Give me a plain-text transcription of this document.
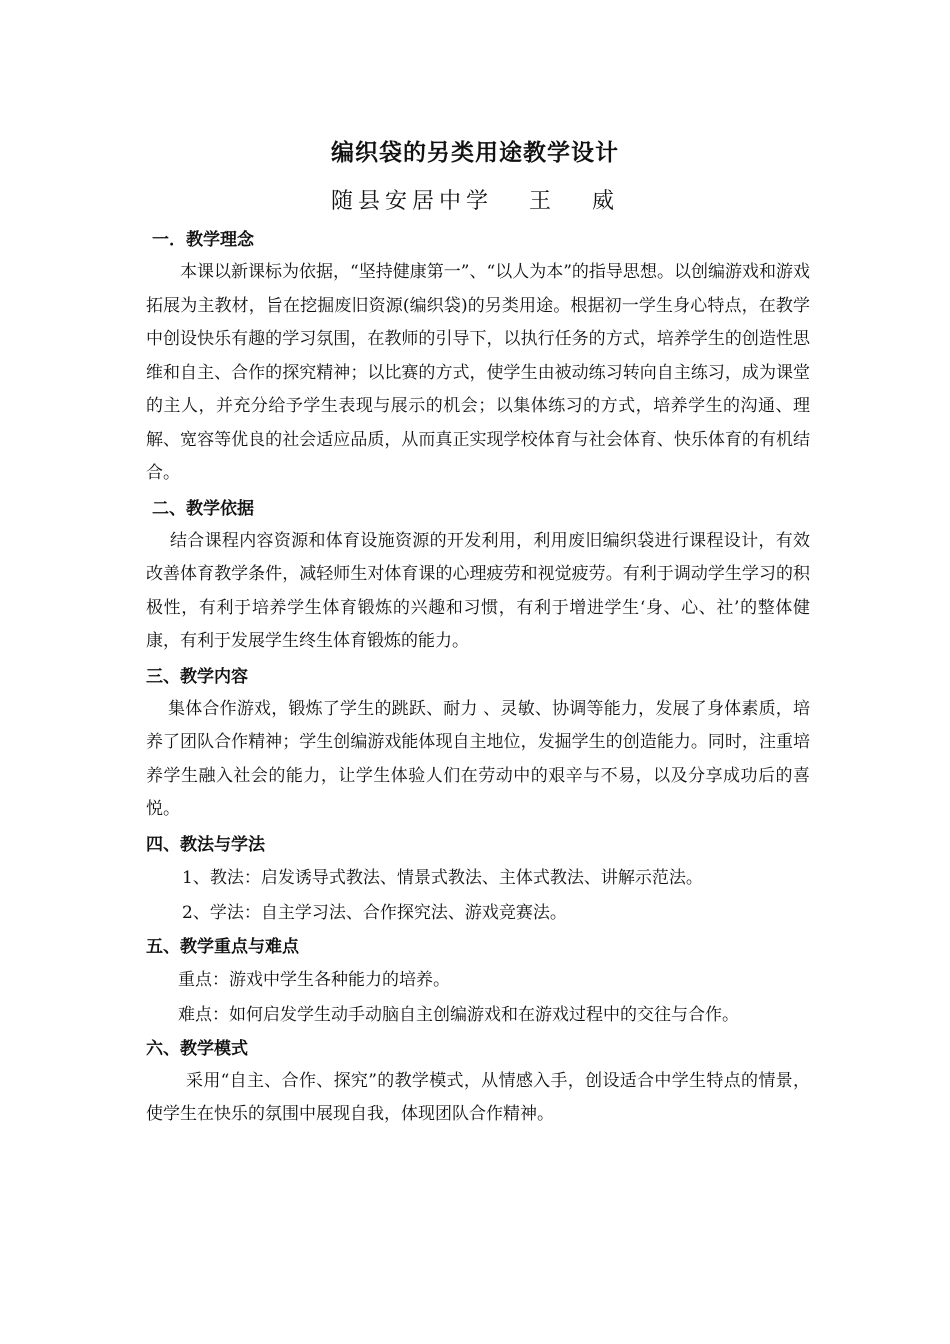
编织袋的另类用途教学设计
随县安居中学   王   威
一．教学理念

本课以新课标为依据，“坚持健康第一”、“以人为本”的指导思想。以创编游戏和游戏拓展为主教材，旨在挖掘废旧资源(编织袋)的另类用途。根据初一学生身心特点，在教学中创设快乐有趣的学习氛围，在教师的引导下，以执行任务的方式，培养学生的创造性思维和自主、合作的探究精神；以比赛的方式，使学生由被动练习转向自主练习，成为课堂的主人，并充分给予学生表现与展示的机会；以集体练习的方式，培养学生的沟通、理解、宽容等优良的社会适应品质，从而真正实现学校体育与社会体育、快乐体育的有机结合。

二、教学依据

结合课程内容资源和体育设施资源的开发利用，利用废旧编织袋进行课程设计，有效改善体育教学条件，减轻师生对体育课的心理疲劳和视觉疲劳。有利于调动学生学习的积极性，有利于培养学生体育锻炼的兴趣和习惯，有利于增进学生‘身、心、社’的整体健康，有利于发展学生终生体育锻炼的能力。

三、教学内容

集体合作游戏，锻炼了学生的跳跃、耐力 、灵敏、协调等能力，发展了身体素质，培养了团队合作精神；学生创编游戏能体现自主地位，发掘学生的创造能力。同时，注重培养学生融入社会的能力，让学生体验人们在劳动中的艰辛与不易，以及分享成功后的喜悦。

四、教法与学法
1、教法：启发诱导式教法、情景式教法、主体式教法、讲解示范法。
2、学法：自主学习法、合作探究法、游戏竞赛法。
五、教学重点与难点
重点：游戏中学生各种能力的培养。
难点：如何启发学生动手动脑自主创编游戏和在游戏过程中的交往与合作。
六、教学模式

采用“自主、合作、探究”的教学模式，从情感入手，创设适合中学生特点的情景，使学生在快乐的氛围中展现自我，体现团队合作精神。
